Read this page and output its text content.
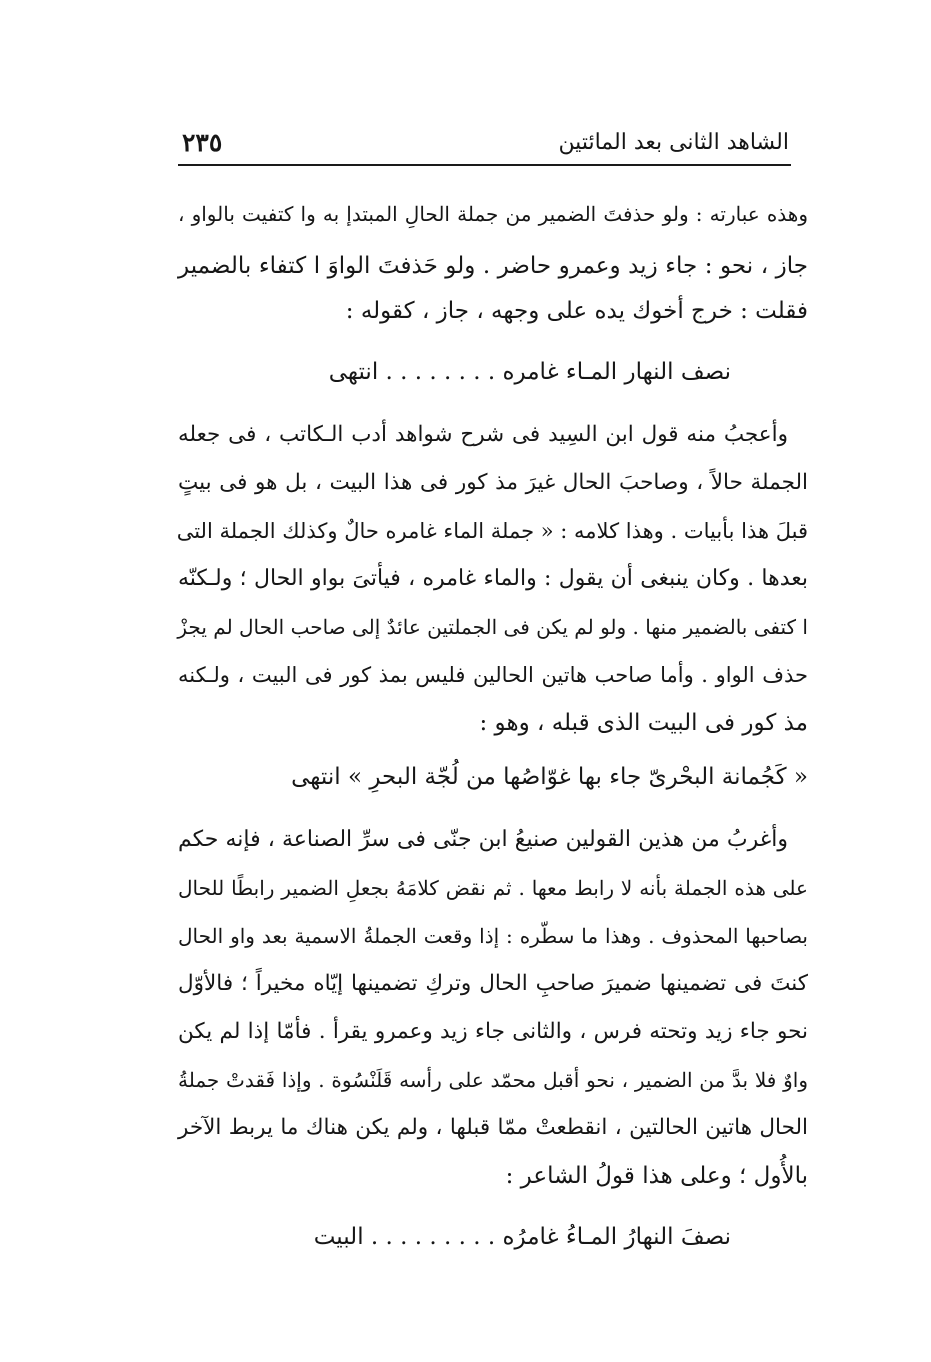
٢٣٥	الشاهد الثانى بعد المائتين
وهذه عبارته : ولو حذفتَ الضمير من جملة الحالِ المبتدإ به وا كتفيت بالواو ،
جاز ، نحو : جاء زيد وعمرو حاضر . ولو حَذفتَ الواوَ ا كتفاء بالضمير
فقلت : خرج أخوك يده على وجهه ، جاز ، كقوله :
نصف النهار المـاء غامره . . . . . . . . انتهى
وأعجبُ منه قول ابن السِيد فى شرح شواهد أدب الـكاتب ، فى جعله
الجملة حالاً ، وصاحبَ الحال غيرَ مذ كور فى هذا البيت ، بل هو فى بيتٍ
قبلَ هذا بأبيات . وهذا كلامه : « جملة الماء غامره حالٌ وكذلك الجملة التى
بعدها . وكان ينبغى أن يقول : والماء غامره ، فيأتىَ بواو الحال ؛ ولـكنّه
ا كتفى بالضمير منها . ولو لم يكن فى الجملتين عائدٌ إلى صاحب الحال لم يجزْ
حذف الواو . وأما صاحب هاتين الحالين فليس بمذ كور فى البيت ، ولـكنه
مذ كور فى البيت الذى قبله ، وهو :
« كَجُمانة البحْرىّ جاء بها غوّاصُها من لُجّة البحرِ » انتهى
وأغربُ من هذين القولين صنيعُ ابن جنّى فى سرِّ الصناعة ، فإنه حكم
على هذه الجملة بأنه لا رابط معها . ثم نقض كلامَهُ بجعلِ الضمير رابطًا للحال
بصاحبها المحذوف . وهذا ما سطّره : إذا وقعت الجملةُ الاسمية بعد واو الحال
كنتَ فى تضمينها ضميرَ صاحبِ الحال وتركِ تضمينها إيّاه مخيراً ؛ فالأوّل
نحو جاء زيد وتحته فرس ، والثانى جاء زيد وعمرو يقرأ . فأمّا إذا لم يكن
واوٌ فلا بدَّ من الضمير ، نحو أقبل محمّد على رأسه قَلَنْسُوة . وإذا فَقدتْ جملةُ
الحال هاتين الحالتين ، انقطعتْ ممّا قبلها ، ولم يكن هناك ما يربط الآخر
بالأُول ؛ وعلى هذا قولُ الشاعر :
نصفَ النهارُ المـاءُ غامرُه . . . . . . . . . البيت
